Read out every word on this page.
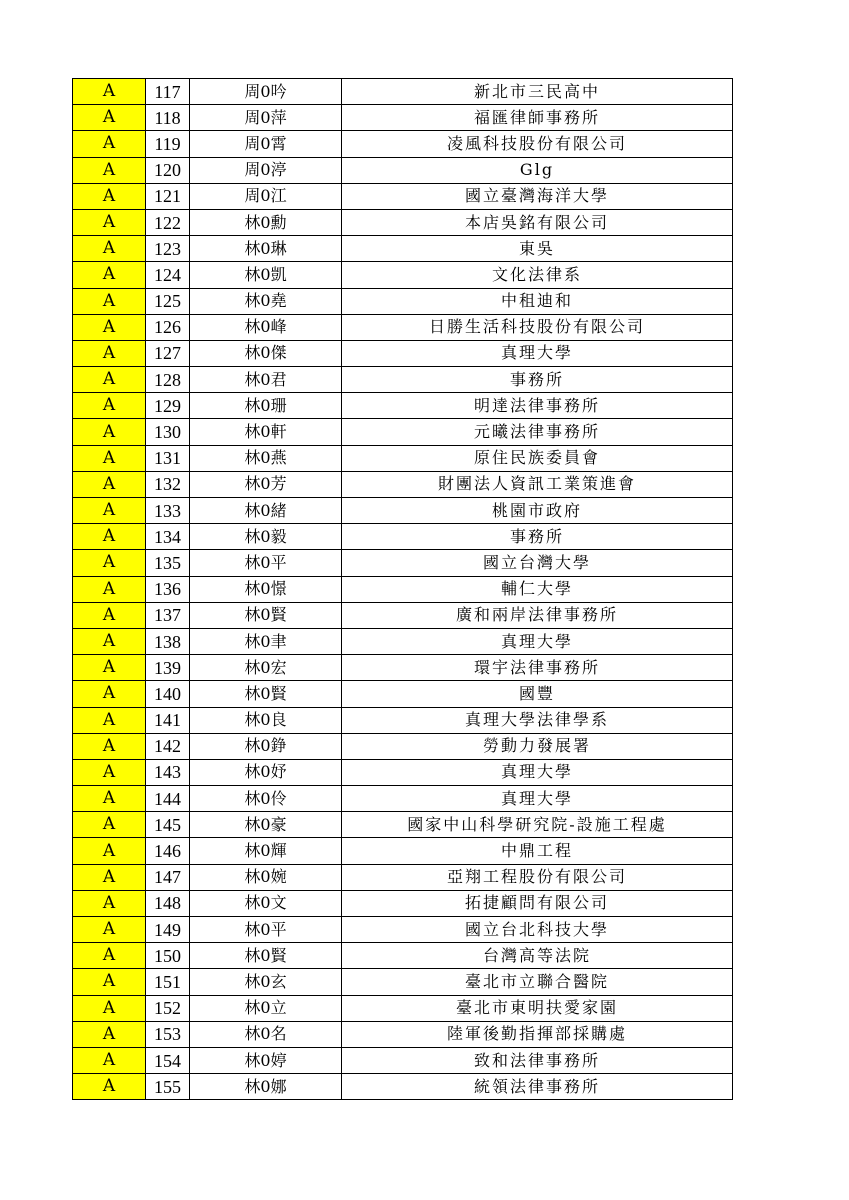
A	117	周0吟	新北市三民高中
A	118	周0萍	福匯律師事務所
A	119	周0霄	凌風科技股份有限公司
A	120	周0渟	Glg
A	121	周0江	國立臺灣海洋大學
A	122	林0勳	本店吳銘有限公司
A	123	林0琳	東吳
A	124	林0凱	文化法律系
A	125	林0堯	中租迪和
A	126	林0峰	日勝生活科技股份有限公司
A	127	林0傑	真理大學
A	128	林0君	事務所
A	129	林0珊	明達法律事務所
A	130	林0軒	元曦法律事務所
A	131	林0燕	原住民族委員會
A	132	林0芳	財團法人資訊工業策進會
A	133	林0緒	桃園市政府
A	134	林0毅	事務所
A	135	林0平	國立台灣大學
A	136	林0憬	輔仁大學
A	137	林0賢	廣和兩岸法律事務所
A	138	林0聿	真理大學
A	139	林0宏	環宇法律事務所
A	140	林0賢	國豐
A	141	林0良	真理大學法律學系
A	142	林0錚	勞動力發展署
A	143	林0妤	真理大學
A	144	林0伶	真理大學
A	145	林0豪	國家中山科學研究院-設施工程處
A	146	林0輝	中鼎工程
A	147	林0婉	亞翔工程股份有限公司
A	148	林0文	拓捷顧問有限公司
A	149	林0平	國立台北科技大學
A	150	林0賢	台灣高等法院
A	151	林0玄	臺北市立聯合醫院
A	152	林0立	臺北市東明扶愛家園
A	153	林0名	陸軍後勤指揮部採購處
A	154	林0婷	致和法律事務所
A	155	林0娜	統領法律事務所
